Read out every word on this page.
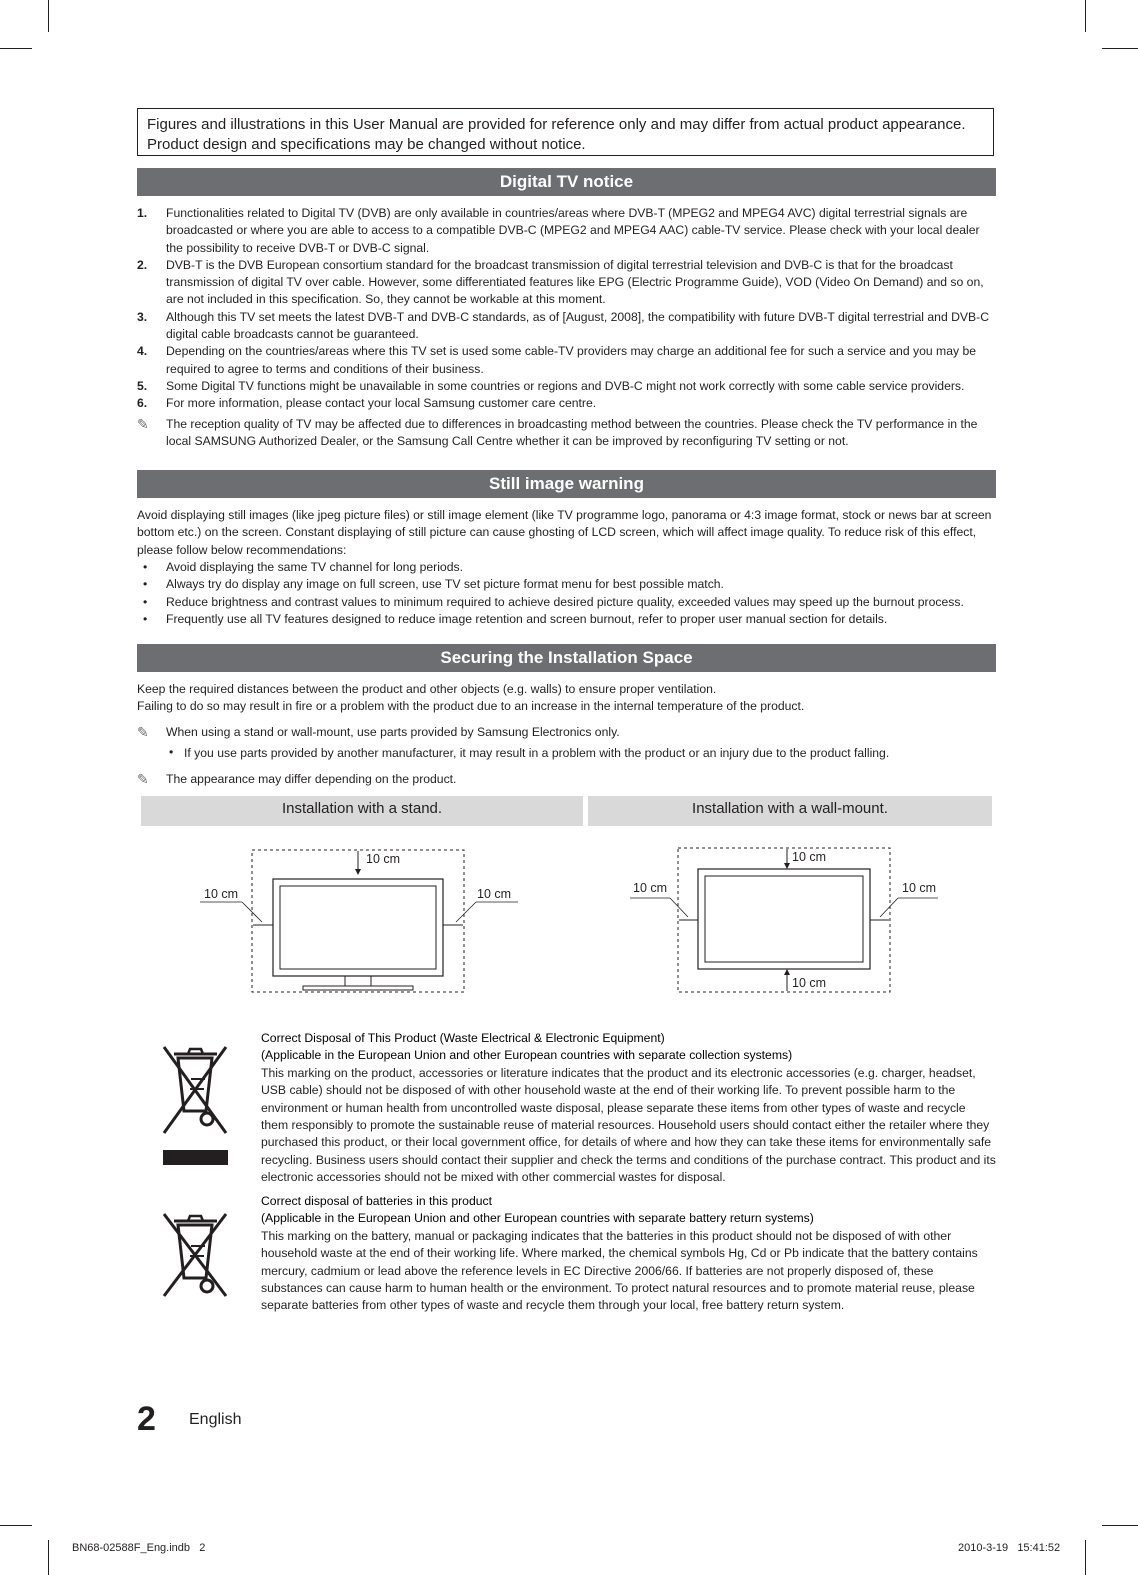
Figures and illustrations in this User Manual are provided for reference only and may differ from actual product appearance.
Product design and specifications may be changed without notice.
Digital TV notice
1. Functionalities related to Digital TV (DVB) are only available in countries/areas where DVB-T (MPEG2 and MPEG4 AVC) digital terrestrial signals are broadcasted or where you are able to access to a compatible DVB-C (MPEG2 and MPEG4 AAC) cable-TV service. Please check with your local dealer the possibility to receive DVB-T or DVB-C signal.
2. DVB-T is the DVB European consortium standard for the broadcast transmission of digital terrestrial television and DVB-C is that for the broadcast transmission of digital TV over cable. However, some differentiated features like EPG (Electric Programme Guide), VOD (Video On Demand) and so on, are not included in this specification. So, they cannot be workable at this moment.
3. Although this TV set meets the latest DVB-T and DVB-C standards, as of [August, 2008], the compatibility with future DVB-T digital terrestrial and DVB-C digital cable broadcasts cannot be guaranteed.
4. Depending on the countries/areas where this TV set is used some cable-TV providers may charge an additional fee for such a service and you may be required to agree to terms and conditions of their business.
5. Some Digital TV functions might be unavailable in some countries or regions and DVB-C might not work correctly with some cable service providers.
6. For more information, please contact your local Samsung customer care centre.
✎ The reception quality of TV may be affected due to differences in broadcasting method between the countries. Please check the TV performance in the local SAMSUNG Authorized Dealer, or the Samsung Call Centre whether it can be improved by reconfiguring TV setting or not.
Still image warning
Avoid displaying still images (like jpeg picture files) or still image element (like TV programme logo, panorama or 4:3 image format, stock or news bar at screen bottom etc.) on the screen. Constant displaying of still picture can cause ghosting of LCD screen, which will affect image quality. To reduce risk of this effect, please follow below recommendations:
• Avoid displaying the same TV channel for long periods.
• Always try do display any image on full screen, use TV set picture format menu for best possible match.
• Reduce brightness and contrast values to minimum required to achieve desired picture quality, exceeded values may speed up the burnout process.
• Frequently use all TV features designed to reduce image retention and screen burnout, refer to proper user manual section for details.
Securing the Installation Space
Keep the required distances between the product and other objects (e.g. walls) to ensure proper ventilation.
Failing to do so may result in fire or a problem with the product due to an increase in the internal temperature of the product.
✎ When using a stand or wall-mount, use parts provided by Samsung Electronics only.
• If you use parts provided by another manufacturer, it may result in a problem with the product or an injury due to the product falling.
✎ The appearance may differ depending on the product.
Installation with a stand.	Installation with a wall-mount.
10 cm
10 cm	10 cm
10 cm
10 cm	10 cm
10 cm
Correct Disposal of This Product (Waste Electrical & Electronic Equipment)
(Applicable in the European Union and other European countries with separate collection systems)
This marking on the product, accessories or literature indicates that the product and its electronic accessories (e.g. charger, headset, USB cable) should not be disposed of with other household waste at the end of their working life. To prevent possible harm to the environment or human health from uncontrolled waste disposal, please separate these items from other types of waste and recycle them responsibly to promote the sustainable reuse of material resources. Household users should contact either the retailer where they purchased this product, or their local government office, for details of where and how they can take these items for environmentally safe recycling. Business users should contact their supplier and check the terms and conditions of the purchase contract. This product and its electronic accessories should not be mixed with other commercial wastes for disposal.
Correct disposal of batteries in this product
(Applicable in the European Union and other European countries with separate battery return systems)
This marking on the battery, manual or packaging indicates that the batteries in this product should not be disposed of with other household waste at the end of their working life. Where marked, the chemical symbols Hg, Cd or Pb indicate that the battery contains mercury, cadmium or lead above the reference levels in EC Directive 2006/66. If batteries are not properly disposed of, these substances can cause harm to human health or the environment. To protect natural resources and to promote material reuse, please separate batteries from other types of waste and recycle them through your local, free battery return system.
2 English
BN68-02588F_Eng.indb   2	2010-3-19   15:41:52
